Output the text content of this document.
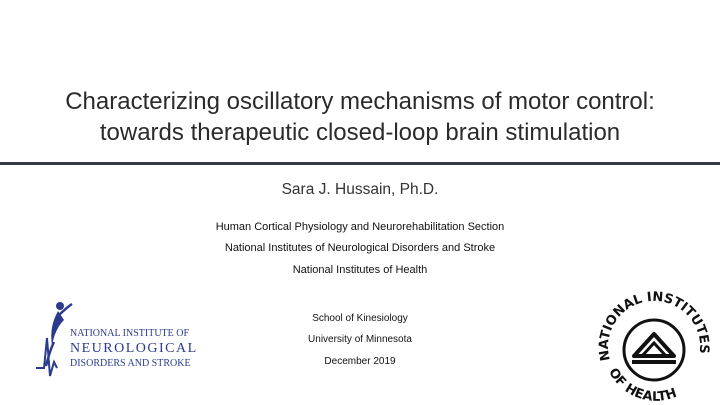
Characterizing oscillatory mechanisms of motor control:
towards therapeutic closed-loop brain stimulation
Sara J. Hussain, Ph.D.
Human Cortical Physiology and Neurorehabilitation Section
National Institutes of Neurological Disorders and Stroke
National Institutes of Health
School of Kinesiology
University of Minnesota
December 2019
NATIONAL INSTITUTE OF
NEUROLOGICAL
DISORDERS AND STROKE
NATIONAL INSTITUTES
OF HEALTH
